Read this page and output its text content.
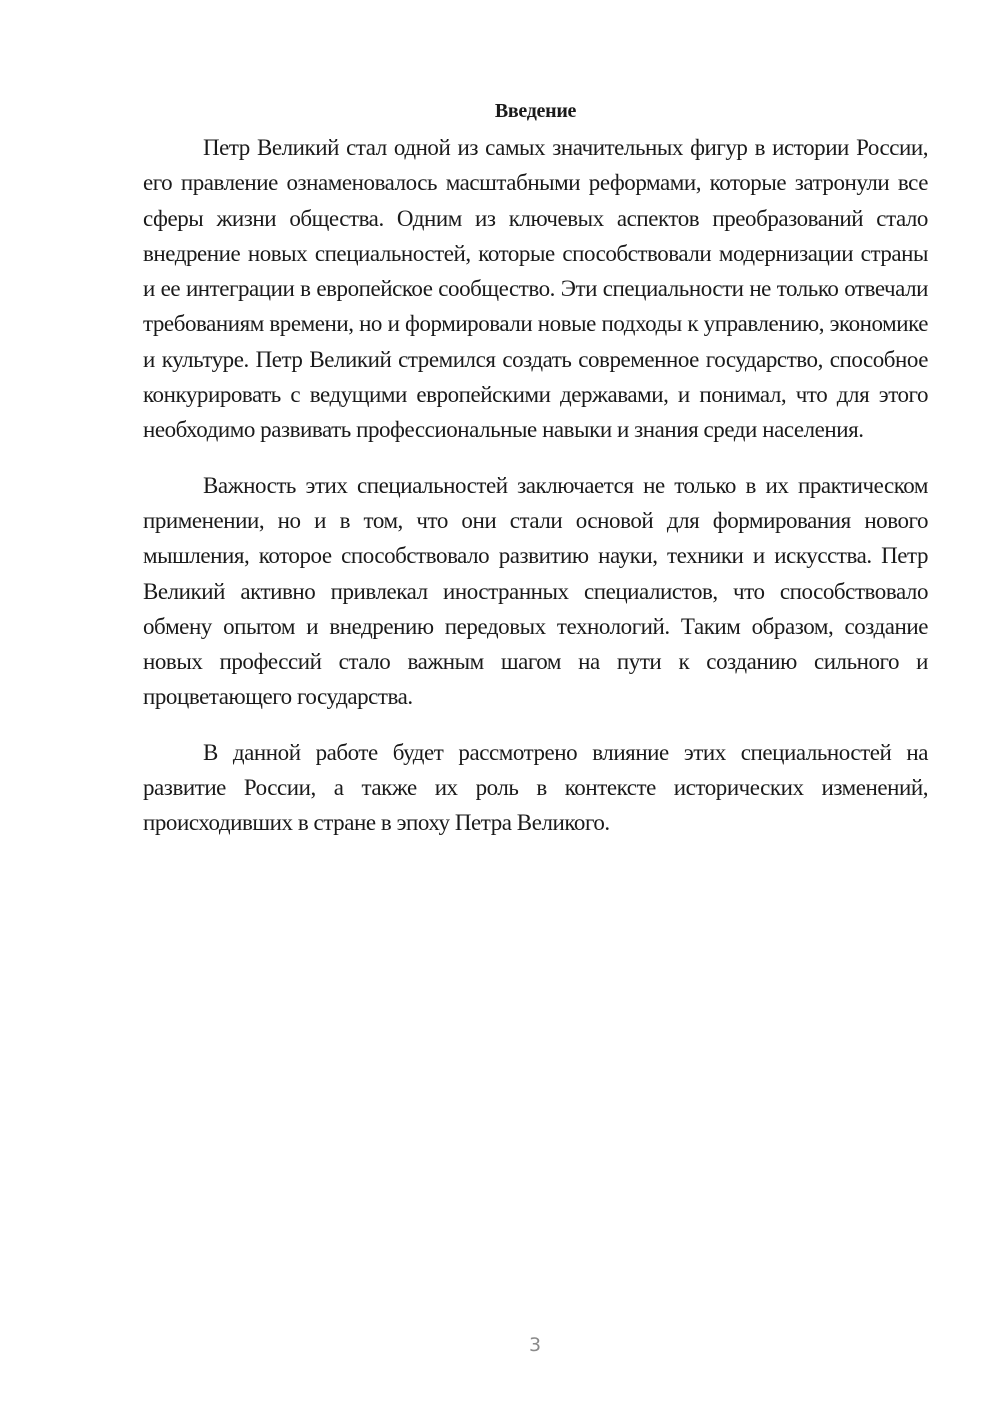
Введение

Петр Великий стал одной из самых значительных фигур в истории России, его правление ознаменовалось масштабными реформами, которые затронули все сферы жизни общества. Одним из ключевых аспектов преобразований стало внедрение новых специальностей, которые способствовали модернизации страны и ее интеграции в европейское сообщество. Эти специальности не только отвечали требованиям времени, но и формировали новые подходы к управлению, экономике и культуре. Петр Великий стремился создать современное государство, способное конкурировать с ведущими европейскими державами, и понимал, что для этого необходимо развивать профессиональные навыки и знания среди населения.

Важность этих специальностей заключается не только в их практическом применении, но и в том, что они стали основой для формирования нового мышления, которое способствовало развитию науки, техники и искусства. Петр Великий активно привлекал иностранных специалистов, что способствовало обмену опытом и внедрению передовых технологий. Таким образом, создание новых профессий стало важным шагом на пути к созданию сильного и процветающего государства.

В данной работе будет рассмотрено влияние этих специальностей на развитие России, а также их роль в контексте исторических изменений, происходивших в стране в эпоху Петра Великого.

3
